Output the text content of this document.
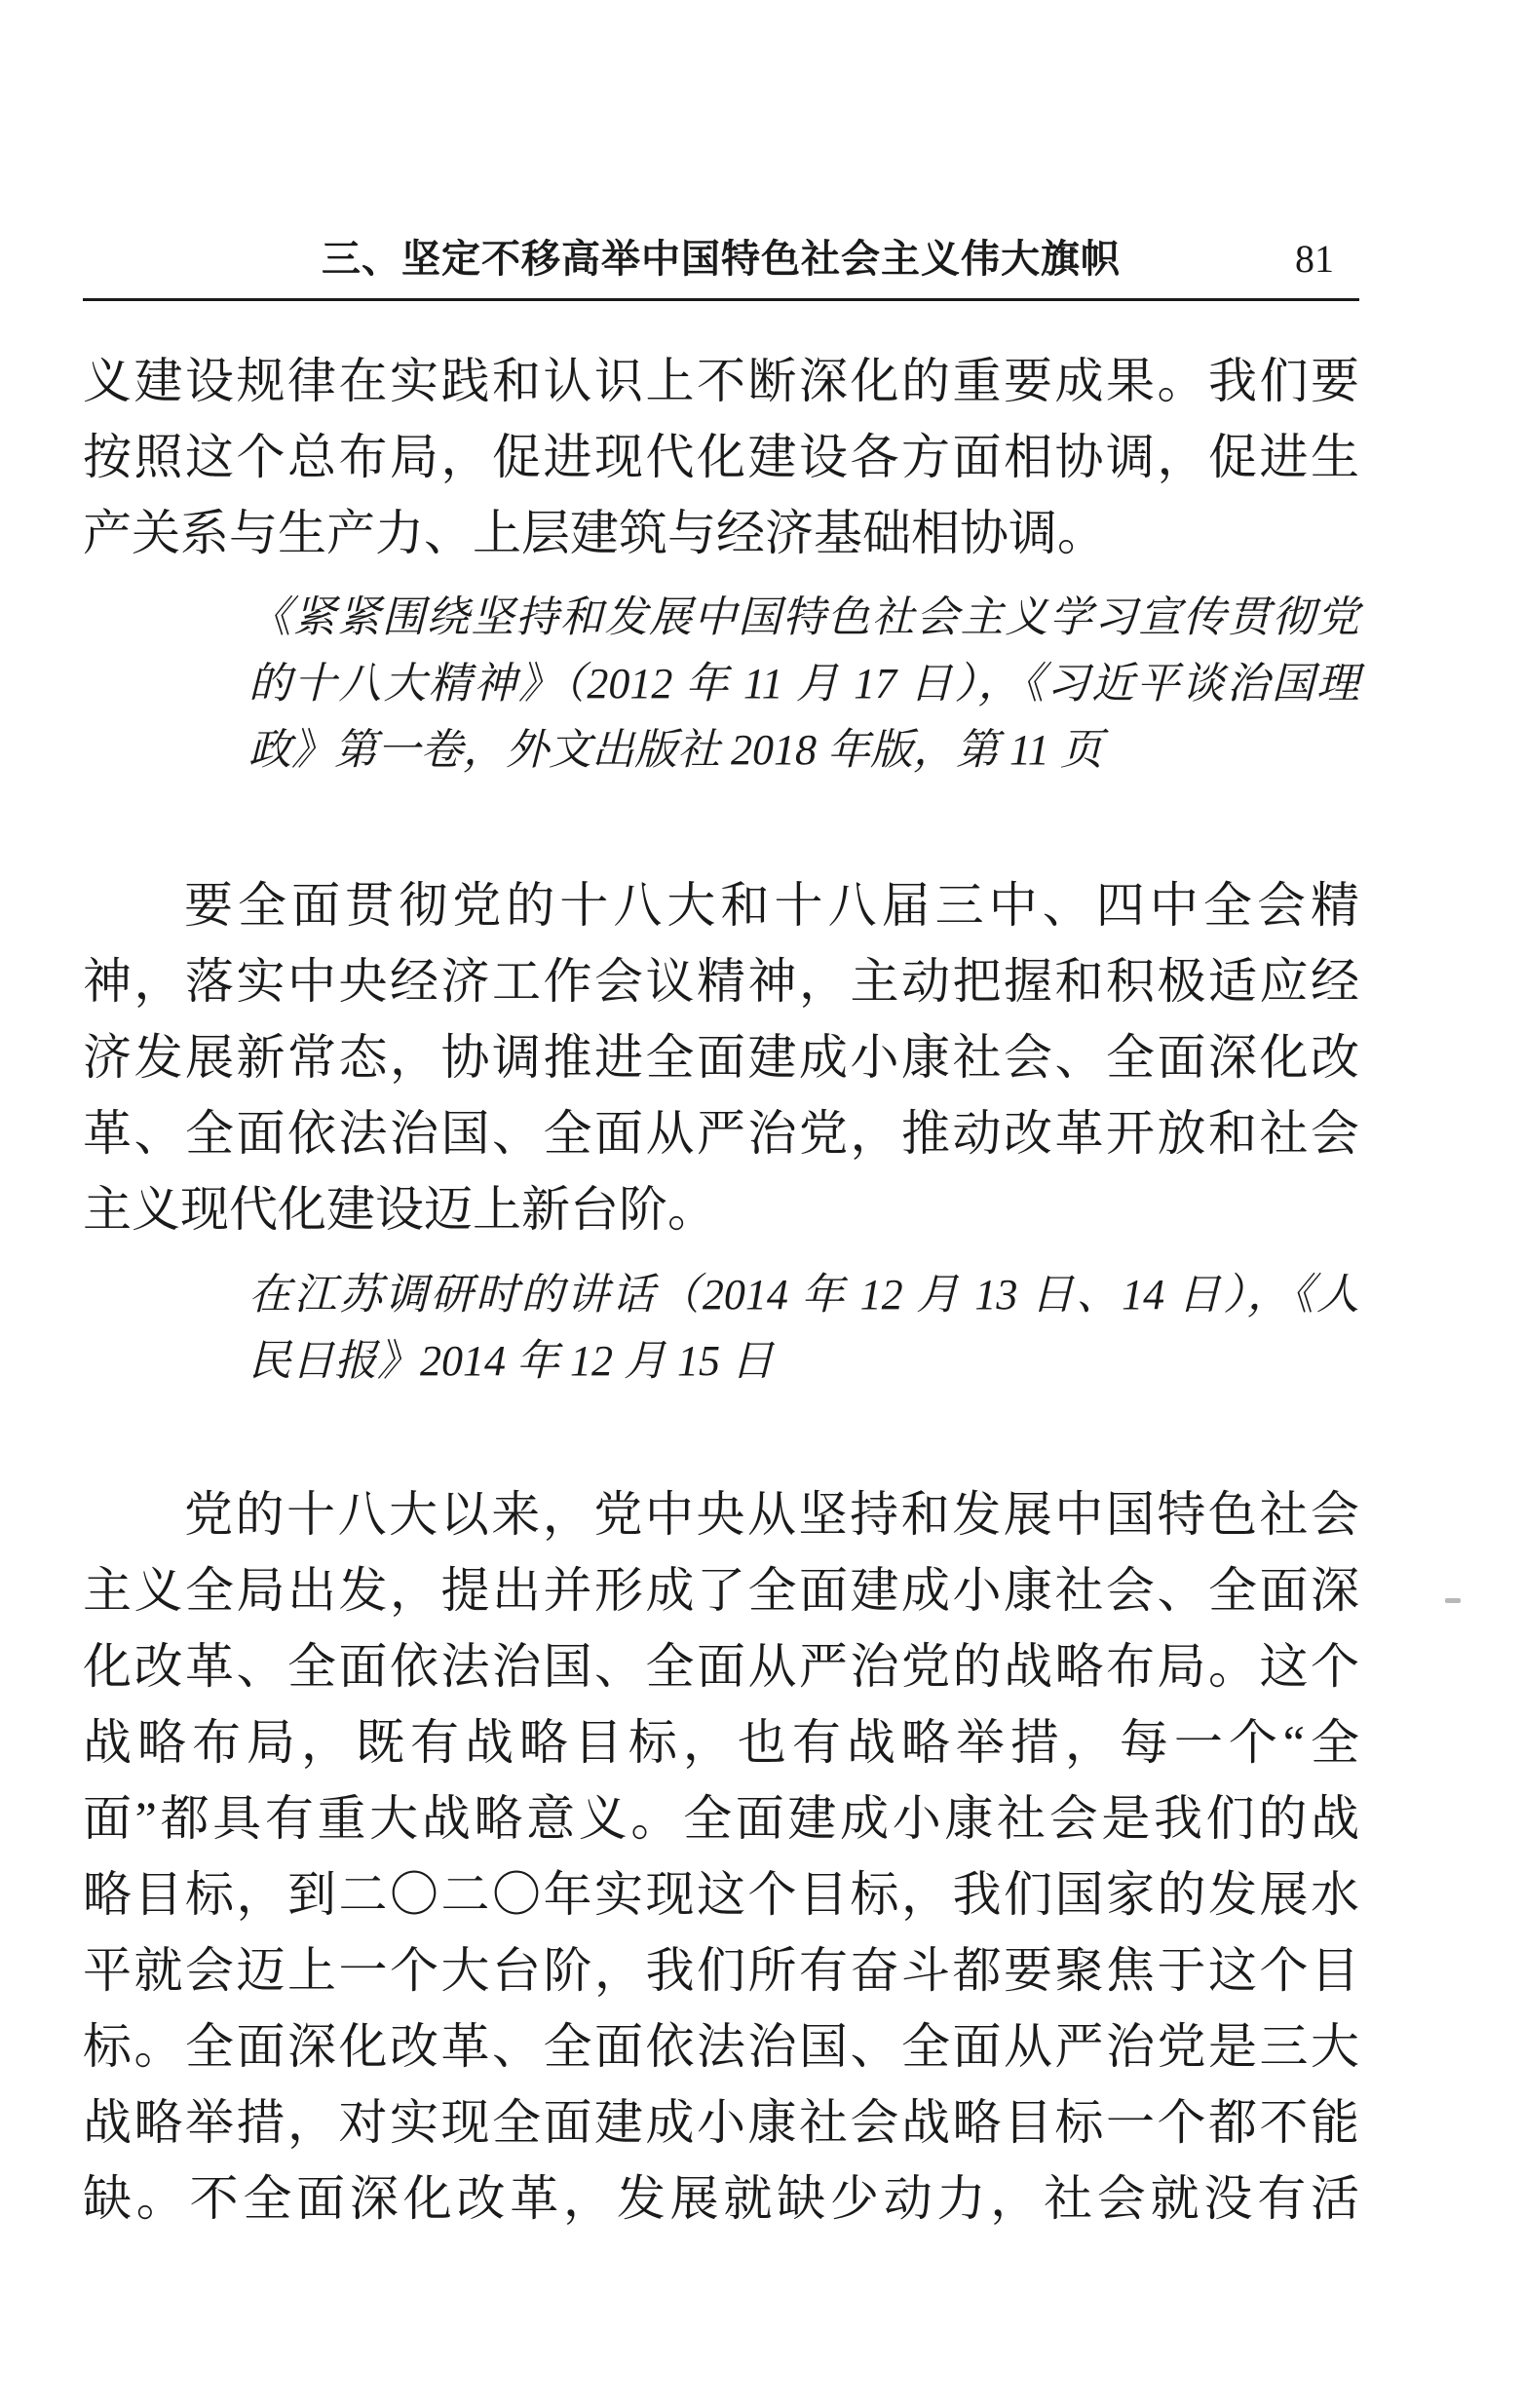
三、坚定不移高举中国特色社会主义伟大旗帜	81
义建设规律在实践和认识上不断深化的重要成果。我们要
按照这个总布局，促进现代化建设各方面相协调，促进生
产关系与生产力、上层建筑与经济基础相协调。
《紧紧围绕坚持和发展中国特色社会主义学习宣传贯彻党
的十八大精神》（2012 年 11 月 17 日），《习近平谈治国理
政》第一卷，外文出版社 2018 年版，第 11 页
要全面贯彻党的十八大和十八届三中、四中全会精
神，落实中央经济工作会议精神，主动把握和积极适应经
济发展新常态，协调推进全面建成小康社会、全面深化改
革、全面依法治国、全面从严治党，推动改革开放和社会
主义现代化建设迈上新台阶。
在江苏调研时的讲话（2014 年 12 月 13 日、14 日），《人
民日报》2014 年 12 月 15 日
党的十八大以来，党中央从坚持和发展中国特色社会
主义全局出发，提出并形成了全面建成小康社会、全面深
化改革、全面依法治国、全面从严治党的战略布局。这个
战略布局，既有战略目标，也有战略举措，每一个“全
面”都具有重大战略意义。全面建成小康社会是我们的战
略目标，到二〇二〇年实现这个目标，我们国家的发展水
平就会迈上一个大台阶，我们所有奋斗都要聚焦于这个目
标。全面深化改革、全面依法治国、全面从严治党是三大
战略举措，对实现全面建成小康社会战略目标一个都不能
缺。不全面深化改革，发展就缺少动力，社会就没有活
